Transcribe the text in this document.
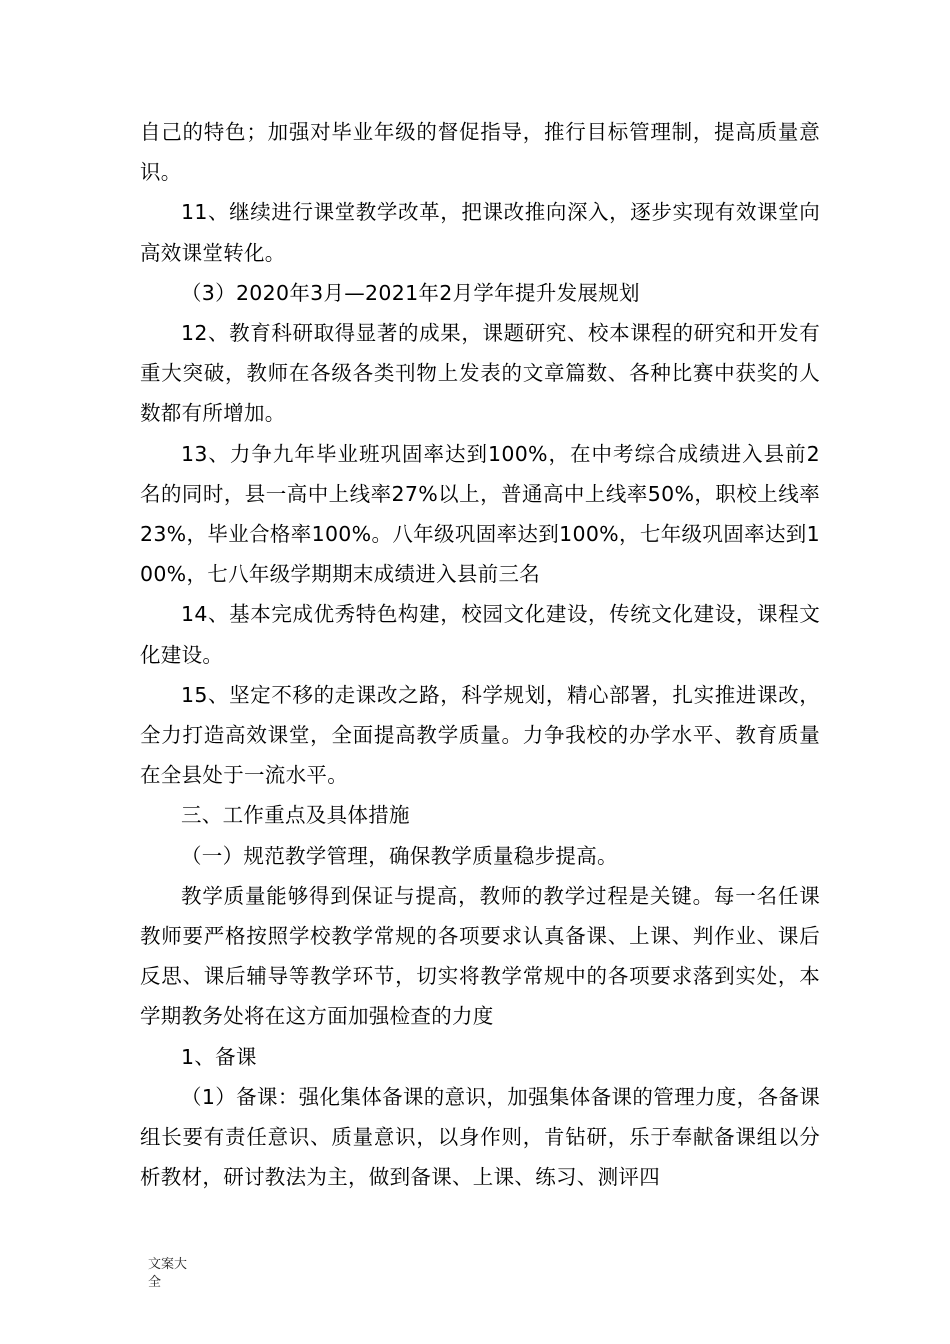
自己的特色；加强对毕业年级的督促指导，推行目标管理制，提高质量意识。

11、继续进行课堂教学改革，把课改推向深入，逐步实现有效课堂向高效课堂转化。

（3）2020年3月—2021年2月学年提升发展规划

12、教育科研取得显著的成果，课题研究、校本课程的研究和开发有重大突破，教师在各级各类刊物上发表的文章篇数、各种比赛中获奖的人数都有所增加。

13、力争九年毕业班巩固率达到100%，在中考综合成绩进入县前2名的同时，县一高中上线率27%以上，普通高中上线率50%，职校上线率23%，毕业合格率100%。八年级巩固率达到100%，七年级巩固率达到100%，七八年级学期期末成绩进入县前三名

14、基本完成优秀特色构建，校园文化建设，传统文化建设，课程文化建设。

15、坚定不移的走课改之路，科学规划，精心部署，扎实推进课改，全力打造高效课堂，全面提高教学质量。力争我校的办学水平、教育质量在全县处于一流水平。

三、工作重点及具体措施

（一）规范教学管理，确保教学质量稳步提高。

教学质量能够得到保证与提高，教师的教学过程是关键。每一名任课教师要严格按照学校教学常规的各项要求认真备课、上课、判作业、课后反思、课后辅导等教学环节，切实将教学常规中的各项要求落到实处，本学期教务处将在这方面加强检查的力度

1、备课

（1）备课：强化集体备课的意识，加强集体备课的管理力度，各备课组长要有责任意识、质量意识，以身作则，肯钻研，乐于奉献备课组以分析教材，研讨教法为主，做到备课、上课、练习、测评四

文案大全
